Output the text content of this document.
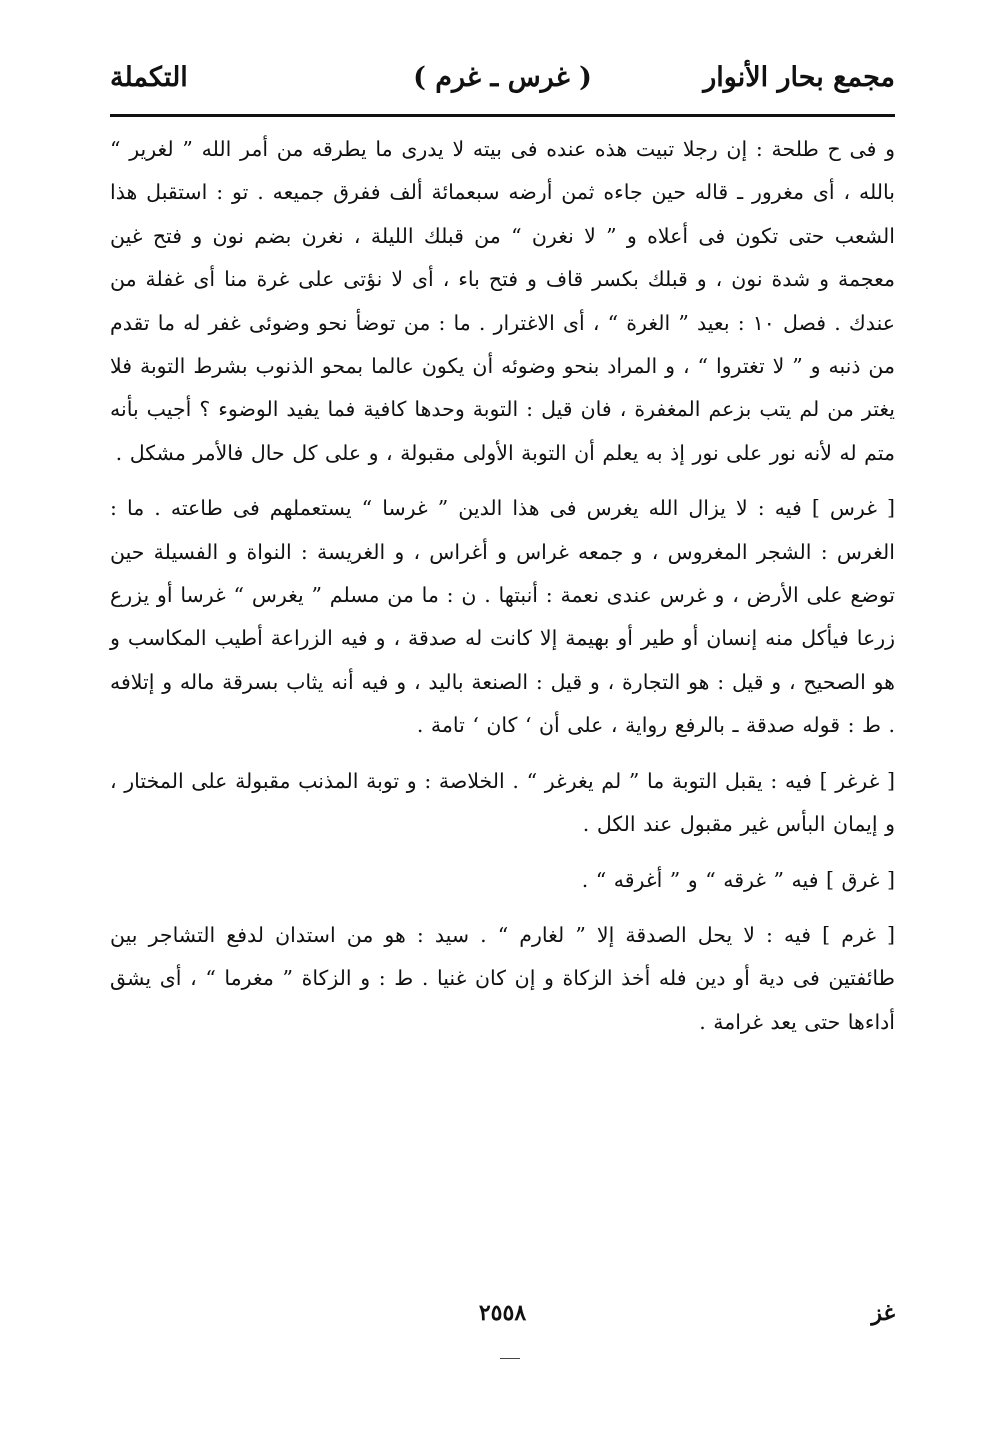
مجمع بحار الأنوار
( غرس ـ غرم )
التكملة

و فى ح طلحة : إن رجلا تبيت هذه عنده فى بيته لا يدرى ما يطرقه من أمر الله ” لغرير “ بالله ، أى مغرور ـ قاله حين جاءه ثمن أرضه سبعمائة ألف ففرق جميعه . تو : استقبل هذا الشعب حتى تكون فى أعلاه و ” لا نغرن “ من قبلك الليلة ، نغرن بضم نون و فتح غين معجمة و شدة نون ، و قبلك بكسر قاف و فتح باء ، أى لا نؤتى على غرة منا أى غفلة من عندك . فصل ١٠ : بعيد ” الغرة “ ، أى الاغترار . ما : من توضأ نحو وضوئى غفر له ما تقدم من ذنبه و ” لا تغتروا “ ، و المراد بنحو وضوئه أن يكون عالما بمحو الذنوب بشرط التوبة فلا يغتر من لم يتب بزعم المغفرة ، فان قيل : التوبة وحدها كافية فما يفيد الوضوء ؟ أجيب بأنه متم له لأنه نور على نور إذ به يعلم أن التوبة الأولى مقبولة ، و على كل حال فالأمر مشكل .

[ غرس ] فيه : لا يزال الله يغرس فى هذا الدين ” غرسا “ يستعملهم فى طاعته . ما : الغرس : الشجر المغروس ، و جمعه غراس و أغراس ، و الغريسة : النواة و الفسيلة حين توضع على الأرض ، و غرس عندى نعمة : أنبتها . ن : ما من مسلم ” يغرس “ غرسا أو يزرع زرعا فيأكل منه إنسان أو طير أو بهيمة إلا كانت له صدقة ، و فيه الزراعة أطيب المكاسب و هو الصحيح ، و قيل : هو التجارة ، و قيل : الصنعة باليد ، و فيه أنه يثاب بسرقة ماله و إتلافه . ط : قوله صدقة ـ بالرفع رواية ، على أن ‘ كان ‘ تامة .

[ غرغر ] فيه : يقبل التوبة ما ” لم يغرغر “ . الخلاصة : و توبة المذنب مقبولة على المختار ، و إيمان البأس غير مقبول عند الكل .

[ غرق ] فيه ” غرقه “ و ” أغرقه “ .

[ غرم ] فيه : لا يحل الصدقة إلا ” لغارم “ . سيد : هو من استدان لدفع التشاجر بين طائفتين فى دية أو دين فله أخذ الزكاة و إن كان غنيا . ط : و الزكاة ” مغرما “ ، أى يشق أداءها حتى يعد غرامة .

غز
٢٥٥٨
